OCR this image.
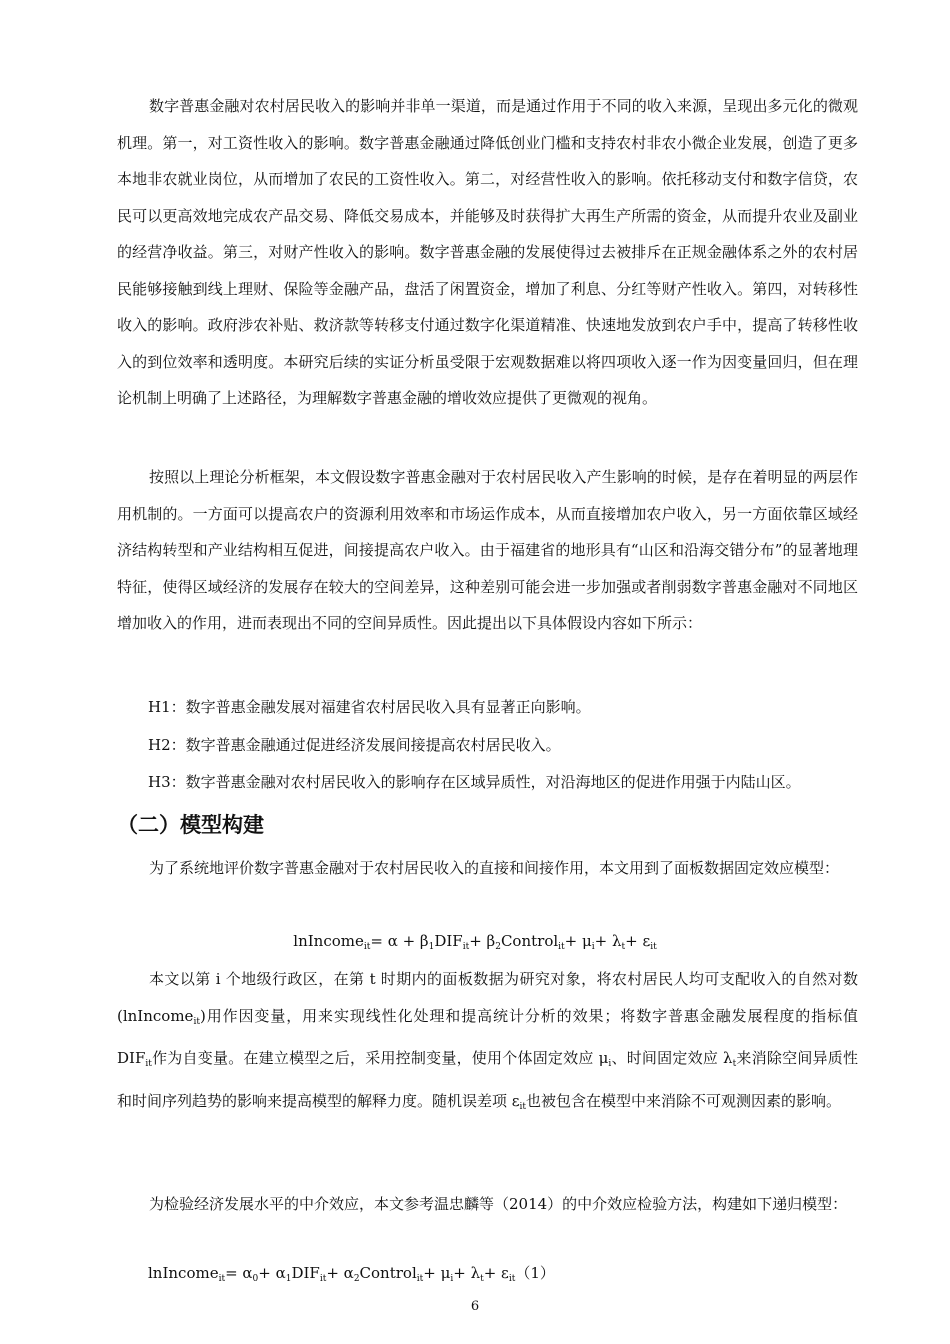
数字普惠金融对农村居民收入的影响并非单一渠道，而是通过作用于不同的收入来源，呈现出多元化的微观机理。第一，对工资性收入的影响。数字普惠金融通过降低创业门槛和支持农村非农小微企业发展，创造了更多本地非农就业岗位，从而增加了农民的工资性收入。第二，对经营性收入的影响。依托移动支付和数字信贷，农民可以更高效地完成农产品交易、降低交易成本，并能够及时获得扩大再生产所需的资金，从而提升农业及副业的经营净收益。第三，对财产性收入的影响。数字普惠金融的发展使得过去被排斥在正规金融体系之外的农村居民能够接触到线上理财、保险等金融产品，盘活了闲置资金，增加了利息、分红等财产性收入。第四，对转移性收入的影响。政府涉农补贴、救济款等转移支付通过数字化渠道精准、快速地发放到农户手中，提高了转移性收入的到位效率和透明度。本研究后续的实证分析虽受限于宏观数据难以将四项收入逐一作为因变量回归，但在理论机制上明确了上述路径，为理解数字普惠金融的增收效应提供了更微观的视角。

按照以上理论分析框架，本文假设数字普惠金融对于农村居民收入产生影响的时候，是存在着明显的两层作用机制的。一方面可以提高农户的资源利用效率和市场运作成本，从而直接增加农户收入，另一方面依靠区域经济结构转型和产业结构相互促进，间接提高农户收入。由于福建省的地形具有“山区和沿海交错分布”的显著地理特征，使得区域经济的发展存在较大的空间差异，这种差别可能会进一步加强或者削弱数字普惠金融对不同地区增加收入的作用，进而表现出不同的空间异质性。因此提出以下具体假设内容如下所示：

H1：数字普惠金融发展对福建省农村居民收入具有显著正向影响。

H2：数字普惠金融通过促进经济发展间接提高农村居民收入。

H3：数字普惠金融对农村居民收入的影响存在区域异质性，对沿海地区的促进作用强于内陆山区。

（二）模型构建

为了系统地评价数字普惠金融对于农村居民收入的直接和间接作用，本文用到了面板数据固定效应模型：

lnIncome$_{it}$= $\alpha + \beta_1DIF_{it}+$ $\beta_2Control_{it}+ \mu_i+ \lambda_t+ \varepsilon_{it}$

本文以第 i 个地级行政区，在第 t 时期内的面板数据为研究对象，将农村居民人均可支配收入的自然对数(lnIncome$_{it}$)用作因变量，用来实现线性化处理和提高统计分析的效果；将数字普惠金融发展程度的指标值 $DIF_{it}$作为自变量。在建立模型之后，采用控制变量，使用个体固定效应 $\mu_i$、时间固定效应 $\lambda_t$来消除空间异质性和时间序列趋势的影响来提高模型的解释力度。随机误差项 $\varepsilon_{it}$也被包含在模型中来消除不可观测因素的影响。

为检验经济发展水平的中介效应，本文参考温忠麟等（2014）的中介效应检验方法，构建如下递归模型：

lnIncome$_{it}$= $\alpha_0+ \alpha_1DIF_{it}+$ $\alpha_2Control_{it}+ \mu_i+ \lambda_t+ \varepsilon_{it}(1)$
6
